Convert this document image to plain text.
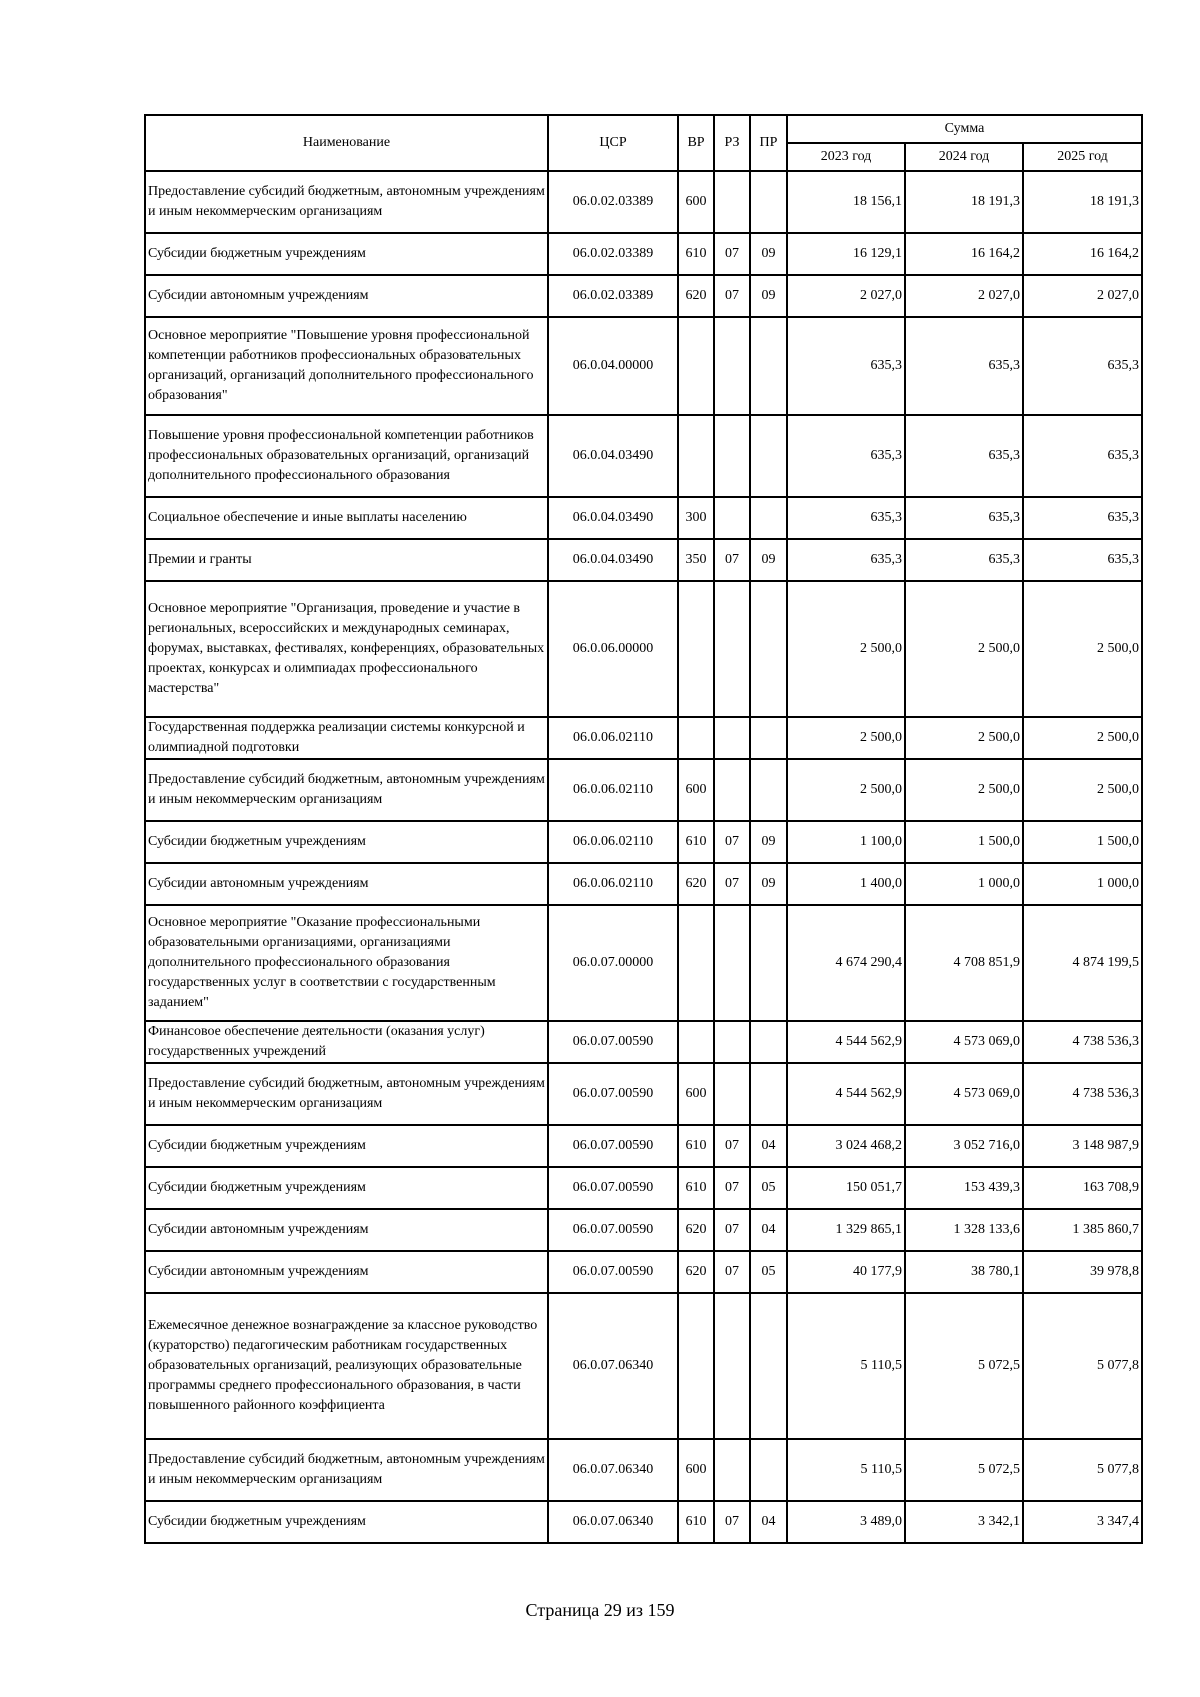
Наименование	ЦСР	ВР	РЗ	ПР	Сумма		
					2023 год	2024 год	2025 год
Предоставление субсидий бюджетным, автономным учреждениям и иным некоммерческим организациям	06.0.02.03389	600			18 156,1	18 191,3	18 191,3
Субсидии бюджетным учреждениям	06.0.02.03389	610	07	09	16 129,1	16 164,2	16 164,2
Субсидии автономным учреждениям	06.0.02.03389	620	07	09	2 027,0	2 027,0	2 027,0
Основное мероприятие "Повышение уровня профессиональной компетенции работников профессиональных образовательных организаций, организаций дополнительного профессионального образования"	06.0.04.00000				635,3	635,3	635,3
Повышение уровня профессиональной компетенции работников профессиональных образовательных организаций, организаций дополнительного профессионального образования	06.0.04.03490				635,3	635,3	635,3
Социальное обеспечение и иные выплаты населению	06.0.04.03490	300			635,3	635,3	635,3
Премии и гранты	06.0.04.03490	350	07	09	635,3	635,3	635,3
Основное мероприятие "Организация, проведение и участие в региональных, всероссийских и международных семинарах, форумах, выставках, фестивалях, конференциях, образовательных проектах, конкурсах и олимпиадах профессионального мастерства"	06.0.06.00000				2 500,0	2 500,0	2 500,0
Государственная поддержка реализации системы конкурсной и олимпиадной подготовки	06.0.06.02110				2 500,0	2 500,0	2 500,0
Предоставление субсидий бюджетным, автономным учреждениям и иным некоммерческим организациям	06.0.06.02110	600			2 500,0	2 500,0	2 500,0
Субсидии бюджетным учреждениям	06.0.06.02110	610	07	09	1 100,0	1 500,0	1 500,0
Субсидии автономным учреждениям	06.0.06.02110	620	07	09	1 400,0	1 000,0	1 000,0
Основное мероприятие "Оказание профессиональными образовательными организациями, организациями дополнительного профессионального образования государственных услуг в соответствии с государственным заданием"	06.0.07.00000				4 674 290,4	4 708 851,9	4 874 199,5
Финансовое обеспечение деятельности (оказания услуг) государственных учреждений	06.0.07.00590				4 544 562,9	4 573 069,0	4 738 536,3
Предоставление субсидий бюджетным, автономным учреждениям и иным некоммерческим организациям	06.0.07.00590	600			4 544 562,9	4 573 069,0	4 738 536,3
Субсидии бюджетным учреждениям	06.0.07.00590	610	07	04	3 024 468,2	3 052 716,0	3 148 987,9
Субсидии бюджетным учреждениям	06.0.07.00590	610	07	05	150 051,7	153 439,3	163 708,9
Субсидии автономным учреждениям	06.0.07.00590	620	07	04	1 329 865,1	1 328 133,6	1 385 860,7
Субсидии автономным учреждениям	06.0.07.00590	620	07	05	40 177,9	38 780,1	39 978,8
Ежемесячное денежное вознаграждение за классное руководство (кураторство) педагогическим работникам государственных образовательных организаций, реализующих образовательные программы среднего профессионального образования, в части повышенного районного коэффициента	06.0.07.06340				5 110,5	5 072,5	5 077,8
Предоставление субсидий бюджетным, автономным учреждениям и иным некоммерческим организациям	06.0.07.06340	600			5 110,5	5 072,5	5 077,8
Субсидии бюджетным учреждениям	06.0.07.06340	610	07	04	3 489,0	3 342,1	3 347,4
Страница 29 из 159
